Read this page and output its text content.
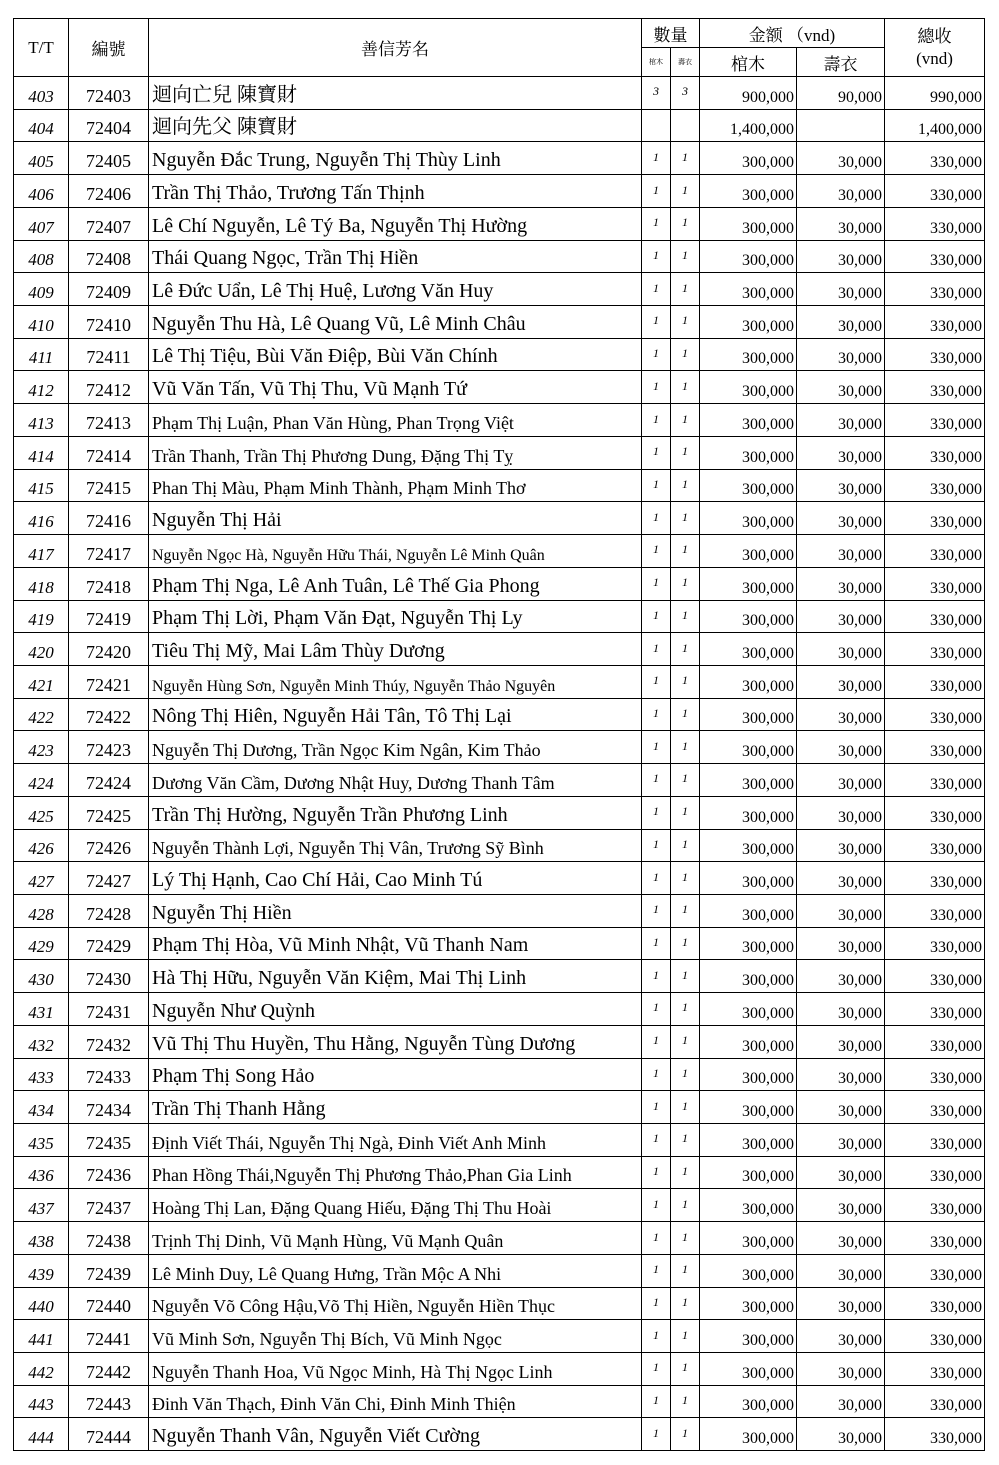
T/T	編號	善信芳名	數量		金额 （vnd)		總收
(vnd)

			棺木	壽衣	棺木	壽衣	
403	72403	迴向亡兒 陳寶財	3	3	900,000	90,000	990,000
404	72404	迴向先父 陳寶財			1,400,000		1,400,000
405	72405	Nguyễn Đắc Trung, Nguyễn Thị Thùy Linh	1	1	300,000	30,000	330,000
406	72406	Trần Thị Thảo, Trương Tấn Thịnh	1	1	300,000	30,000	330,000
407	72407	Lê Chí Nguyễn, Lê Tý Ba, Nguyễn Thị Hường	1	1	300,000	30,000	330,000
408	72408	Thái Quang Ngọc, Trần Thị Hiền	1	1	300,000	30,000	330,000
409	72409	Lê Đức Uẩn, Lê Thị Huệ, Lương Văn Huy	1	1	300,000	30,000	330,000
410	72410	Nguyễn Thu Hà, Lê Quang Vũ, Lê Minh Châu	1	1	300,000	30,000	330,000
411	72411	Lê Thị Tiệu, Bùi Văn Điệp, Bùi Văn Chính	1	1	300,000	30,000	330,000
412	72412	Vũ Văn Tấn, Vũ Thị Thu, Vũ Mạnh Tứ	1	1	300,000	30,000	330,000
413	72413	Phạm Thị Luận, Phan Văn Hùng, Phan Trọng Việt	1	1	300,000	30,000	330,000
414	72414	Trần Thanh, Trần Thị Phương Dung, Đặng Thị Tỵ	1	1	300,000	30,000	330,000
415	72415	Phan Thị Màu, Phạm Minh Thành, Phạm Minh Thơ	1	1	300,000	30,000	330,000
416	72416	Nguyễn Thị Hải	1	1	300,000	30,000	330,000
417	72417	Nguyễn Ngọc Hà, Nguyễn Hữu Thái, Nguyễn Lê Minh Quân	1	1	300,000	30,000	330,000
418	72418	Phạm Thị Nga, Lê Anh Tuân, Lê Thế Gia Phong	1	1	300,000	30,000	330,000
419	72419	Phạm Thị Lời, Phạm Văn Đạt, Nguyễn Thị Ly	1	1	300,000	30,000	330,000
420	72420	Tiêu Thị Mỹ, Mai Lâm Thùy Dương	1	1	300,000	30,000	330,000
421	72421	Nguyễn Hùng Sơn, Nguyễn Minh Thúy, Nguyễn Thảo Nguyên	1	1	300,000	30,000	330,000
422	72422	Nông Thị Hiên, Nguyễn Hải Tân, Tô Thị Lại	1	1	300,000	30,000	330,000
423	72423	Nguyễn Thị Dương, Trần Ngọc Kim Ngân, Kim Thảo	1	1	300,000	30,000	330,000
424	72424	Dương Văn Cầm, Dương Nhật Huy, Dương Thanh Tâm	1	1	300,000	30,000	330,000
425	72425	Trần Thị Hường, Nguyễn Trần Phương Linh	1	1	300,000	30,000	330,000
426	72426	Nguyễn Thành Lợi, Nguyễn Thị Vân, Trương Sỹ Bình	1	1	300,000	30,000	330,000
427	72427	Lý Thị Hạnh, Cao Chí Hải, Cao Minh Tú	1	1	300,000	30,000	330,000
428	72428	Nguyễn Thị Hiền	1	1	300,000	30,000	330,000
429	72429	Phạm Thị Hòa, Vũ Minh Nhật, Vũ Thanh Nam	1	1	300,000	30,000	330,000
430	72430	Hà Thị Hữu, Nguyễn Văn Kiệm, Mai Thị Linh	1	1	300,000	30,000	330,000
431	72431	Nguyễn Như Quỳnh	1	1	300,000	30,000	330,000
432	72432	Vũ Thị Thu Huyền, Thu Hằng, Nguyễn Tùng Dương	1	1	300,000	30,000	330,000
433	72433	Phạm Thị Song Hảo	1	1	300,000	30,000	330,000
434	72434	Trần Thị Thanh Hằng	1	1	300,000	30,000	330,000
435	72435	Định Viết Thái, Nguyễn Thị Ngà, Đinh Viết Anh Minh	1	1	300,000	30,000	330,000
436	72436	Phan Hồng Thái,Nguyễn Thị Phương Thảo,Phan Gia Linh	1	1	300,000	30,000	330,000
437	72437	Hoàng Thị Lan, Đặng Quang Hiếu, Đặng Thị Thu Hoài	1	1	300,000	30,000	330,000
438	72438	Trịnh Thị Dinh, Vũ Mạnh Hùng, Vũ Mạnh Quân	1	1	300,000	30,000	330,000
439	72439	Lê Minh Duy, Lê Quang Hưng, Trần Mộc A Nhi	1	1	300,000	30,000	330,000
440	72440	Nguyễn Võ Công Hậu,Võ Thị Hiền, Nguyễn Hiền Thục	1	1	300,000	30,000	330,000
441	72441	Vũ Minh Sơn, Nguyễn Thị Bích, Vũ Minh Ngọc	1	1	300,000	30,000	330,000
442	72442	Nguyễn Thanh Hoa, Vũ Ngọc Minh, Hà Thị Ngọc Linh	1	1	300,000	30,000	330,000
443	72443	Đinh Văn Thạch, Đinh Văn Chi, Đinh Minh Thiện	1	1	300,000	30,000	330,000
444	72444	Nguyễn Thanh Vân, Nguyễn Viết Cường	1	1	300,000	30,000	330,000
